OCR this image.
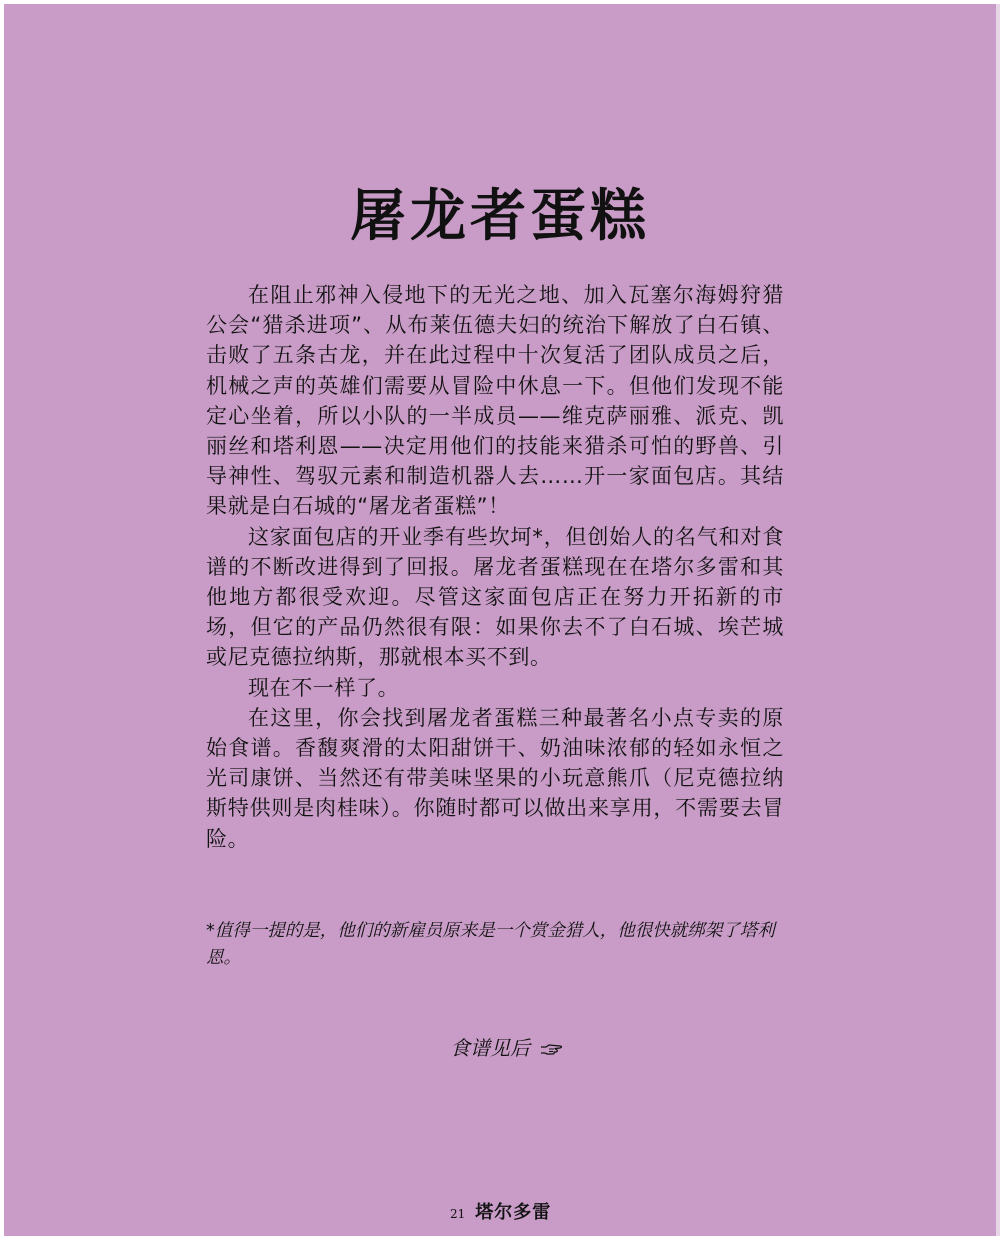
屠龙者蛋糕

在阻止邪神入侵地下的无光之地、加入瓦塞尔海姆狩猎公会“猎杀进项”、从布莱伍德夫妇的统治下解放了白石镇、击败了五条古龙，并在此过程中十次复活了团队成员之后，机械之声的英雄们需要从冒险中休息一下。但他们发现不能定心坐着，所以小队的一半成员——维克萨丽雅、派克、凯丽丝和塔利恩——决定用他们的技能来猎杀可怕的野兽、引导神性、驾驭元素和制造机器人去……开一家面包店。其结果就是白石城的“屠龙者蛋糕”！

这家面包店的开业季有些坎坷*，但创始人的名气和对食谱的不断改进得到了回报。屠龙者蛋糕现在在塔尔多雷和其他地方都很受欢迎。尽管这家面包店正在努力开拓新的市场，但它的产品仍然很有限：如果你去不了白石城、埃芒城或尼克德拉纳斯，那就根本买不到。

现在不一样了。

在这里，你会找到屠龙者蛋糕三种最著名小点专卖的原始食谱。香馥爽滑的太阳甜饼干、奶油味浓郁的轻如永恒之光司康饼、当然还有带美味坚果的小玩意熊爪（尼克德拉纳斯特供则是肉桂味）。你随时都可以做出来享用，不需要去冒险。

*值得一提的是，他们的新雇员原来是一个赏金猎人，他很快就绑架了塔利恩。

食谱见后
21 塔尔多雷
